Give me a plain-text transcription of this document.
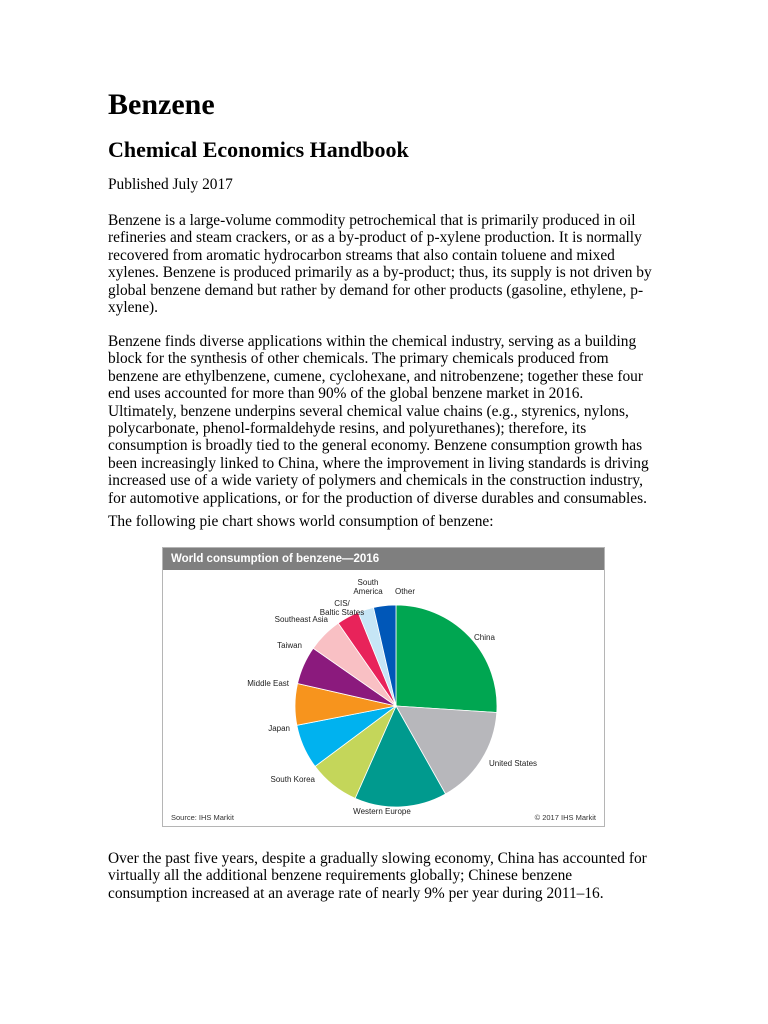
Benzene
Chemical Economics Handbook
Published July 2017
Benzene is a large-volume commodity petrochemical that is primarily produced in oil
refineries and steam crackers, or as a by-product of p-xylene production. It is normally
recovered from aromatic hydrocarbon streams that also contain toluene and mixed
xylenes. Benzene is produced primarily as a by-product; thus, its supply is not driven by
global benzene demand but rather by demand for other products (gasoline, ethylene, p-
xylene).
Benzene finds diverse applications within the chemical industry, serving as a building
block for the synthesis of other chemicals. The primary chemicals produced from
benzene are ethylbenzene, cumene, cyclohexane, and nitrobenzene; together these four
end uses accounted for more than 90% of the global benzene market in 2016.
Ultimately, benzene underpins several chemical value chains (e.g., styrenics, nylons,
polycarbonate, phenol-formaldehyde resins, and polyurethanes); therefore, its
consumption is broadly tied to the general economy. Benzene consumption growth has
been increasingly linked to China, where the improvement in living standards is driving
increased use of a wide variety of polymers and chemicals in the construction industry,
for automotive applications, or for the production of diverse durables and consumables.
The following pie chart shows world consumption of benzene:
Over the past five years, despite a gradually slowing economy, China has accounted for
virtually all the additional benzene requirements globally; Chinese benzene
consumption increased at an average rate of nearly 9% per year during 2011–16.
World consumption of benzene—2016
China
United States
Western Europe
South Korea
Japan
Middle East
Taiwan
Southeast Asia
CIS/ Baltic States
South America Other
Source: IHS Markit	© 2017 IHS Markit
